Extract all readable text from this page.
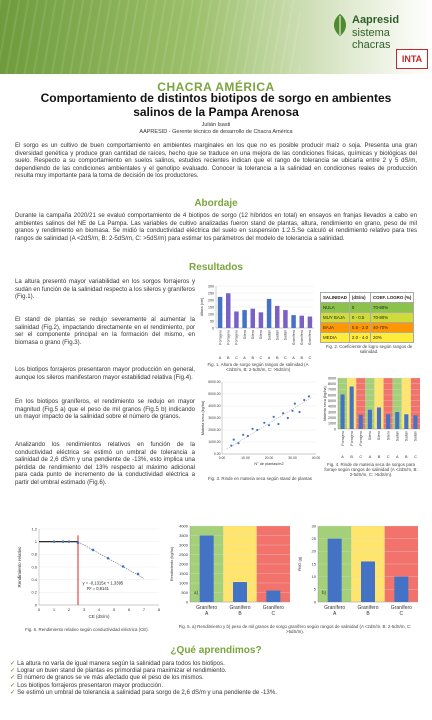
Aapresid
sistema chacras
INTA
CHACRA AMÉRICA
Comportamiento de distintos biotipos de sorgo en ambientes salinos de la Pampa Arenosa
Julián Isasti
AAPRESID - Gerente técnico de desarrollo de Chacra América
El sorgo es un cultivo de buen comportamiento en ambientes marginales en los que no es posible producir maíz o soja. Presenta una gran diversidad genética y produce gran cantidad de raíces, hecho que se traduce en una mejora de las condiciones físicas, químicas y biológicas del suelo. Respecto a su comportamiento en suelos salinos, estudios recientes indican que el rango de tolerancia se ubicaría entre 2 y 5 dS/m, dependiendo de las condiciones ambientales y el genotipo evaluado. Conocer la tolerancia a la salinidad en condiciones reales de producción resulta muy importante para la toma de decisión de los productores.
Abordaje
Durante la campaña 2020/21 se evaluó comportamiento de 4 biotipos de sorgo (12 híbridos en total) en ensayos en franjas llevados a cabo en ambientes salinos del NE de La Pampa. Las variables de cultivo analizadas fueron stand de plantas, altura, rendimiento en grano, peso de mil granos y rendimiento en biomasa. Se midió la conductividad eléctrica del suelo en suspensión 1:2.5.Se calculó el rendimiento relativo para tres rangos de salinidad (A <2dS/m, B: 2-5dS/m, C: >5dS/m) para estimar los parámetros del modelo de tolerancia a salinidad.
Resultados
La altura presentó mayor variabilidad en los sorgos forrajeros y sudán en función de la salinidad respecto a los sileros y graníferos (Fig.1).
El stand de plantas se redujo severamente al aumentar la salinidad (Fig.2), impactando directamente en el rendimiento, por ser el componente principal en la formación del mismo, en biomasa o grano (Fig.3).
Los biotipos forrajeros presentaron mayor producción en general, aunque los sileros manifestaron mayor estabilidad relativa (Fig.4).
En los biotipos graníferos, el rendimiento se redujo en mayor magnitud (Fig.5 a) que el peso de mil granos (Fig.5 b) indicando un mayor impacto de la salinidad sobre el número de granos.
Analizando los rendimientos relativos en función de la conductividad eléctrica se estimó un umbral de tolerancia a salinidad de 2,6 dS/m y una pendiente de -13%, esto implica una pérdida de rendimiento del 13% respecto al máximo adicional para cada punto de incremento de la conductividad eléctrica a partir del umbral estimado (Fig.6).
300
250
200
150
100
50
0
Altura (cm)
Forrajero
A
Forrajero
B
Forrajero
C
Silero
A
Silero
B
Silero
C
Sudán
A
Sudán
B
Sudán
C
Granífero
A
Granífero
B
Granífero
C
Fig. 1. Altura de sorgo según rangos de salinidad (A <2dS/m, B: 2-5dS/m, C: >5dS/m)
SALINIDAD	(dS/m)	COEF. LOGRO (%)
NULA	0	70-80%
MUY BAJA	0 - 0.5	70-80%
BAJA	0.5 - 2.0	40-70%
MEDIA	2.0 - 4.0	20%
Fig. 2. Coeficiente de logro según rangos de salinidad.
6000.00
5000.00
4000.00
3000.00
2000.00
1000.00
0.00
0.00	10.00	20.00	30.00	40.00
N° de plantas/m2
Materia seca (kg/ha)
Fig. 3. Rinde en materia seca según stand de plantas
9000
8000
7000
6000
5000
4000
3000
2000
1000
0
Materia seca (kg/ha)
Forrajero
A
Forrajero
B
Forrajero
C
Silero
A
Silero
B
Silero
C
Sudán
A
Sudán
B
Sudán
C
Fig. 4. Rinde de materia seca de sorgos para forraje según rangos de salinidad (A <2dS/m, B: 2-5dS/m, C: >5dS/m).
1.2
1
0.8
0.6
0.4
0.2
0
0	1	2	3	4	5	6	7	8
CE (dS/m)
Rendimiento relativo	y = -0,1315x + 1,3395
R² = 0,9141
Fig. 6. Rendimiento relativo según conductividad eléctrica (CE).
4000
3500
3000
2500
2000
1500
1000
500
0
Rendimiento (kg/ha)
Granífero
A
Granífero
B
Granífero
C
a)
30
25
20
15
10
5
0
PMG (g)
Granífero
A
Granífero
B
Granífero
C
b)
Fig. 5. a) Rendimiento y b) peso de mil granos de sorgo granífero según rangos de salinidad (A <2dS/m, B: 2-5dS/m, C: >5dS/m).
¿Qué aprendimos?
✓ La altura no varía de igual manera según la salinidad para todos los biotipos.
✓ Lograr un buen stand de plantas es primordial para maximizar el rendimiento.
✓ El número de granos se ve más afectado que el peso de los mismos.
✓ Los biotipos forrajeros presentaron mayor producción.
✓ Se estimó un umbral de tolerancia a salinidad para sorgo de 2,6 dS/m y una pendiente de -13%.
